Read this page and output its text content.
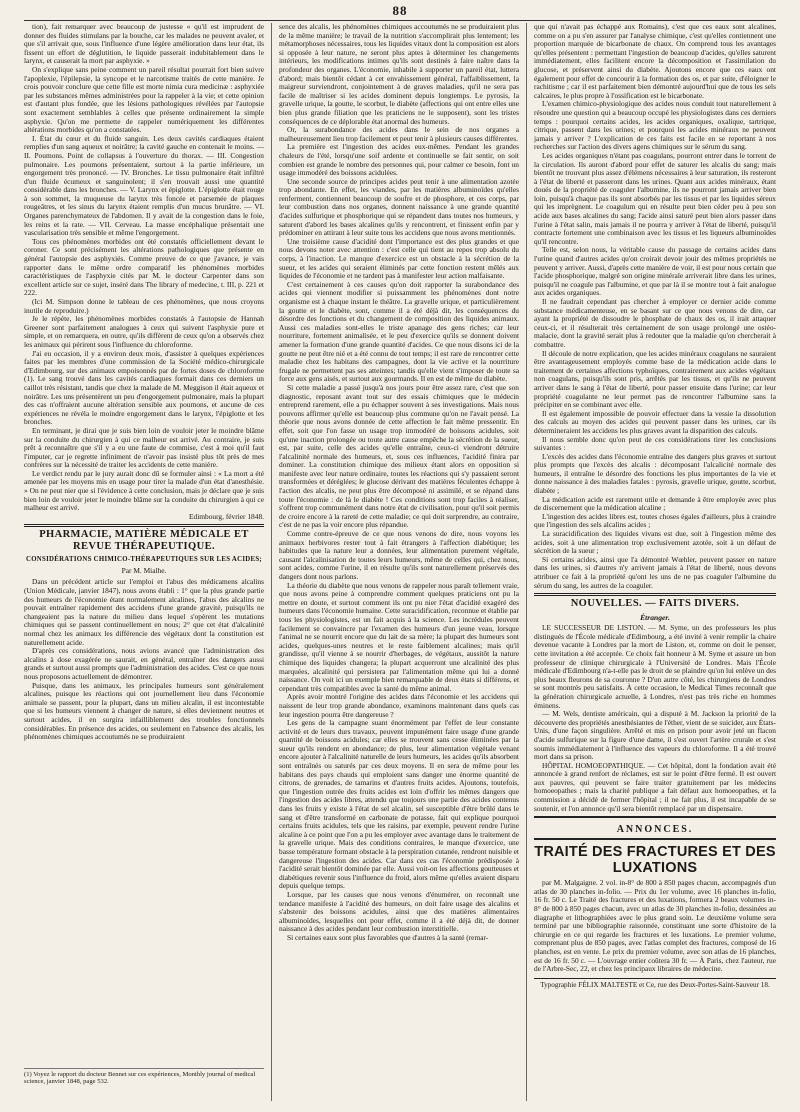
88

tion), fait remarquer avec beaucoup de justesse « qu'il est imprudent de donner des fluides stimulans par la bouche, car les malades ne peuvent avaler, et que s'il arrivait que, sous l'influence d'une légère amélioration dans leur état, ils fissent un effort de déglutition, le liquide passerait indubitablement dans le larynx, et causerait la mort par asphyxie. »

On s'explique sans peine comment un pareil résultat pourrait fort bien suivre l'apoplexie, l'épilepsie, la syncope et le narcotisme traités de cette manière. Je crois pouvoir conclure que cette fille est morte nimia cura medicinæ : asphyxiée par les substances mêmes administrées pour la rappeler à la vie; et cette opinion est d'autant plus fondée, que les lésions pathologiques révélées par l'autopsie sont exactement semblables à celles que présente ordinairement la simple asphyxie. Qu'on me permette de rappeler numériquement les différentes altérations morbides qu'on a constatées.

I. État du cœur et du fluide sanguin. Les deux cavités cardiaques étaient remplies d'un sang aqueux et noirâtre; la cavité gauche en contenait le moins. — II. Poumons. Point de collapsus à l'ouverture du thorax. — III. Congestion pulmonaire. Les poumons présentaient, surtout à la partie inférieure, un engorgement très prononcé. — IV. Bronches. Le tissu pulmonaire était infiltré d'un fluide écumeux et sanguinolent; il s'en trouvait aussi une quantité considérable dans les bronches. — V. Larynx et épiglotte. L'épiglotte était rouge à son sommet, la muqueuse du larynx très foncée et parsemée de plaques rougeâtres, et les sinus du larynx étaient remplis d'un mucus brunâtre. — VI. Organes parenchymateux de l'abdomen. Il y avait de la congestion dans le foie, les reins et la rate. — VII. Cerveau. La masse encéphalique présentait une vascularisation très sensible et même l'engorgement.

Tous ces phénomènes morbides ont été constatés officiellement devant le coroner. Ce sont précisément les altérations pathologiques que présente en général l'autopsie des asphyxiés. Comme preuve de ce que j'avance, je vais rapporter dans le même ordre comparatif les phénomènes morbides caractéristiques de l'asphyxie cités par M. le docteur Carpenter dans son excellent article sur ce sujet, inséré dans The library of medecine, t. III, p. 221 et 222.

(Ici M. Simpson donne le tableau de ces phénomènes, que nous croyons inutile de reproduire.)

Je le répète, les phénomènes morbides constatés à l'autopsie de Hannah Greener sont parfaitement analogues à ceux qui suivent l'asphyxie pure et simple, et on remarquera, en outre, qu'ils diffèrent de ceux qu'on a observés chez les animaux qui périrent sous l'influence du chloroforme.

J'ai eu occasion, il y a environ deux mois, d'assister à quelques expériences faites par les membres d'une commission de la Société médico-chirurgicale d'Edimbourg, sur des animaux empoisonnés par de fortes doses de chloroforme (1). Le sang trouvé dans les cavités cardiaques formait dans ces derniers un caillot très résistant, tandis que chez la malade de M. Meggison il était aqueux et noirâtre. Les uns présentèrent un peu d'engorgement pulmonaire, mais la plupart des cas n'offraient aucune altération sensible aux poumons, et aucune de ces expériences ne révéla le moindre engorgement dans le larynx, l'épiglotte et les bronches.

En terminant, je dirai que je suis bien loin de vouloir jeter le moindre blâme sur la conduite du chirurgien à qui ce malheur est arrivé. Au contraire, je suis prêt à reconnaître que s'il y a eu une faute de commise, c'est à moi qu'il faut l'imputer, car je regrette infiniment de n'avoir pas insisté plus tôt près de mes confrères sur la nécessité de traiter les accidents de cette manière.

Le verdict rendu par le jury aurait donc dû se formuler ainsi : « La mort a été amenée par les moyens mis en usage pour tirer la malade d'un état d'anesthésie. » On ne peut nier que si l'évidence à cette conclusion, mais je déclare que je suis bien loin de vouloir jeter le moindre blâme sur la conduite du chirurgien à qui ce malheur est arrivé.

Edimbourg, février 1848.

PHARMACIE, MATIÈRE MÉDICALE ET REVUE THÉRAPEUTIQUE.
CONSIDÉRATIONS CHIMICO-THÉRAPEUTIQUES SUR LES ACIDES;
Par M. Mialhe.

Dans un précédent article sur l'emploi et l'abus des médicamens alcalins (Union Médicale, janvier 1847), nous avons établi : 1° que la plus grande partie des humeurs de l'économie étant normalement alcalines, l'abus des alcalins ne pouvait entraîner rapidement des accidens d'une grande gravité, puisqu'ils ne changeaient pas la nature du milieu dans lequel s'opèrent les mutations chimiques qui se passent continuellement en nous; 2° que cet état d'alcalinité normal chez les animaux les différencie des végétaux dont la constitution est naturellement acide.

D'après ces considérations, nous avions avancé que l'administration des alcalins à dose exagérée ne saurait, en général, entraîner des dangers aussi grands et surtout aussi prompts que l'administration des acides. C'est ce que nous nous proposons actuellement de démontrer.

Puisque, dans les animaux, les principales humeurs sont généralement alcalines, puisque les réactions qui ont journellement lieu dans l'économie animale se passent, pour la plupart, dans un milieu alcalin, il est incontestable que si les humeurs viennent à changer de nature, si elles deviennent neutres et surtout acides, il en surgira infailliblement des troubles fonctionnels considérables. En présence des acides, ou seulement en l'absence des alcalis, les phénomènes chimiques accoutumés ne se produiraient

(1) Voyez le rapport du docteur Bennet sur ces expériences, Monthly journal of medical science, janvier 1848, page 532.

sence des alcalis, les phénomènes chimiques accoutumés ne se produiraient plus de la même manière; le travail de la nutrition s'accomplirait plus lentement; les métamorphoses nécessaires, tous les liquides vitaux dont la composition est alors si opposée à leur nature, ne seront plus aptes à déterminer les changements intérieurs, les modifications intimes qu'ils sont destinés à faire naître dans la profondeur des organes. L'économie, inhabile à supporter un pareil état, luttera d'abord; mais bientôt cédant à cet envahissement général, l'affaiblissement, la maigreur surviendront, conjointement à de graves maladies, qu'il ne sera pas facile de maîtriser si les acides dominent depuis longtemps. Le pyrosis, la gravelle urique, la goutte, le scorbut, le diabète (affections qui ont entre elles une bien plus grande filiation que les praticiens ne le supposent), sont les tristes conséquences de ce déplorable état anormal des humeurs.

Or, la surabondance des acides dans le sein de nos organes a malheureusement lieu trop facilement et peut tenir à plusieurs causes différentes.

La première est l'ingestion des acides eux-mêmes. Pendant les grandes chaleurs de l'été, lorsqu'une soif ardente et continuelle se fait sentir, on soit combien est grande le nombre des personnes qui, pour calmer ce besoin, font un usage immodéré des boissons acidulées.

Une seconde source de principes acides peut tenir à une alimentation azotée trop abondante. En effet, les viandes, par les matières albuminoïdes qu'elles renferment, contiennent beaucoup de soufre et de phosphore, et ces corps, par leur combustion dans nos organes, donnent naissance à une grande quantité d'acides sulfurique et phosphorique qui se répandent dans toutes nos humeurs, y saturent d'abord les bases alcalines qu'ils y rencontrent, et finissent enfin par y prédominer en attirant à leur suite tous les accidens que nous avons mentionnés.

Une troisième cause d'acidité dont l'importance est des plus grandes et que nous devons noter avec attention : c'est celle qui tient au repos trop absolu du corps, à l'inaction. Le manque d'exercice est un obstacle à la sécrétion de la sueur, et les acides qui seraient éliminés par cette fonction restent mêlés aux liquides de l'économie et ne tardent pas à manifester leur action malfaisante.

C'est certainement à ces causes qu'on doit rapporter la surabondance des acides qui viennent modifier si puissamment les phénomènes dont notre organisme est à chaque instant le théâtre. La gravelle urique, et particulièrement la goutte et le diabète, sont, comme il a été déjà dit, les conséquences du désordre des fonctions et du changement de composition des liquides animaux. Aussi ces maladies sont-elles le triste apanage des gens riches; car leur nourriture, fortement animalisée, et le peu d'exercice qu'ils se donnent doivent amener la formation d'une grande quantité d'acides. Ce que nous disons ici de la goutte ne peut être nié et a été connu de tout temps; il est rare de rencontrer cette maladie chez les habitans des campagnes, dont la vie active et la nourriture frugale ne permettent pas ses atteintes; tandis qu'elle vient s'imposer de toute sa force aux gens aisés, et surtout aux gourmands. Il en est de même du diabète.

Si cette maladie a passé jusqu'à nos jours pour être assez rare, c'est que son diagnostic, reposant avant tout sur des essais chimiques que le médecin entreprend rarement, elle a pu échapper souvent à ses investigations. Mais nous pouvons affirmer qu'elle est beaucoup plus commune qu'on ne l'avait pensé. La théorie que nous avons donnée de cette affection le fait même pressentir. En effet, soit que l'on fasse un usage trop immodéré de boissons acidules, soit qu'une inaction prolongée ou toute autre cause empêche la sécrétion de la sueur, est, par suite, celle des acides qu'elle entraîne, ceux-ci viendront détruire l'alcalinité normale des humeurs, et, sous ces influences, l'acidité finira par dominer. La constitution chimique des milieux étant alors en opposition si manifeste avec leur nature ordinaire, toutes les réactions qui s'y passaient seront transformées et déréglées; le glucose dérivant des matières féculentes échappe à l'action des alcalis, ne peut plus être décomposé ni assimilé, et se répand dans toute l'économie : de là le diabète ! Ces conditions sont trop faciles à réaliser, s'offrent trop communément dans notre état de civilisation, pour qu'il soit permis de croire encore à la rareté de cette maladie; ce qui doit surprendre, au contraire, c'est de ne pas la voir encore plus répandue.

Comme contre-épreuve de ce que nous venons de dire, nous voyons les animaux herbivores rester tout à fait étrangers à l'affection diabétique; les habitudes que la nature leur a données, leur alimentation purement végétale, causant l'alcalinisation de toutes leurs humeurs, même de celles qui, chez nous, sont acides, comme l'urine, il en résulte qu'ils sont naturellement préservés des dangers dont nous parlons.

La théorie du diabète que nous venons de rappeler nous paraît tellement vraie, que nous avons peine à comprendre comment quelques praticiens ont pu la mettre en doute, et surtout comment ils ont pu nier l'état d'acidité exagéré des humeurs dans l'économie humaine. Cette suracidification, reconnue et établie par tous les physiologistes, est un fait acquis à la science. Les incrédules peuvent facilement se convaincre par l'examen des humeurs d'un jeune veau, lorsque l'animal ne se nourrit encore que du lait de sa mère; la plupart des humeurs sont acides, quelques-unes neutres et le reste faiblement alcalines; mais qu'il grandisse, qu'il vienne à se nourrir d'herbages, de végétaux, aussitôt la nature chimique des liquides changera; la plupart acquerront une alcalinité des plus marquées, alcalinité qui persistera par l'alimentation même qui lui a donné naissance. On voit ici un exemple bien remarquable de deux états si différens, et cependant très compatibles avec la santé du même animal.

Après avoir montré l'origine des acides dans l'économie et les accidens qui naissent de leur trop grande abondance, examinons maintenant dans quels cas leur ingestion pourra être dangereuse ?

Les gens de la campagne suant énormément par l'effet de leur constante activité et de leurs durs travaux, peuvent impunément faire usage d'une grande quantité de boissons acidules; car elles se trouvent sans cesse éliminées par la sueur qu'ils rendent en abondance; de plus, leur alimentation végétale venant encore ajouter à l'alcalinité naturelle de leurs humeurs, les acides qu'ils absorbent sont entraînés ou saturés par ces deux moyens. Il en sera de même pour les habitans des pays chauds qui emploient sans danger une énorme quantité de citrons, de grenades, de tamarins et d'autres fruits acides. Ajoutons, toutefois, que l'ingestion outrée des fruits acides est loin d'offrir les mêmes dangers que l'ingestion des acides libres, attendu que toujours une partie des acides contenus dans les fruits y existe à l'état de sel alcalin, sel susceptible d'être brûlé dans le sang et d'être transformé en carbonate de potasse, fait qui explique pourquoi certains fruits acidules, tels que les raisins, par exemple, peuvent rendre l'urine alcaline à ce point que l'on a pu les employer avec avantage dans le traitement de la gravelle urique. Mais des conditions contraires, le manque d'exercice, une basse température formant obstacle à la perspiration cutanée, rendront nuisible et dangereuse l'ingestion des acides. Car dans ces cas l'économie prédisposée à l'acidité serait bientôt dominée par elle. Aussi voit-on les affections goutteuses et diabétiques revenir sous l'influence du froid, alors même qu'elles avaient disparu depuis quelque temps.

Lorsque, par les causes que nous venons d'énumérer, on reconnaît une tendance manifeste à l'acidité des humeurs, on doit faire usage des alcalins et s'abstenir des boissons acidules, ainsi que des matières alimentaires albuminoïdes, lesquelles ont pour effet, comme il a été déjà dit, de donner naissance à des acides pendant leur combustion interstitielle.

Si certaines eaux sont plus favorables que d'autres à la santé (remar-

que qui n'avait pas échappé aux Romains), c'est que ces eaux sont alcalines, comme on a pu s'en assurer par l'analyse chimique, c'est qu'elles contiennent une proportion marquée de bicarbonate de chaux. On comprend tous les avantages qu'elles présentent : permettant l'ingestion de beaucoup d'acides, qu'elles saturent immédiatement, elles facilitent encore la décomposition et l'assimilation du glucose, et préservent ainsi du diabète. Ajoutons encore que ces eaux ont également pour effet de concourir à la formation des os, et par suite, d'éloigner le rachitisme ; car il est parfaitement bien démontré aujourd'hui que de tous les sels calcaires, le plus propre à l'ossification est le bicarbonate.

L'examen chimico-physiologique des acides nous conduit tout naturellement à résoudre une question qui a beaucoup occupé les physiologistes dans ces derniers temps : pourquoi certains acides, les acides organiques, oxalique, tartrique, citrique, passent dans les urines; et pourquoi les acides minéraux ne peuvent jamais y arriver ? L'explication de ces faits est facile en se reportant à nos recherches sur l'action des divers agens chimiques sur le sérum du sang.

Les acides organiques n'étant pas coagulans, pourront entrer dans le torrent de la circulation. Ils auront d'abord pour effet de saturer les alcalis du sang; mais bientôt ne trouvant plus assez d'élémens nécessaires à leur saturation, ils resteront à l'état de liberté et passeront dans les urines. Quant aux acides minéraux, étant doués de la propriété de coaguler l'albumine, ils ne pourront jamais arriver bien loin, puisqu'à chaque pas ils sont absorbés par les tissus et par les liquides séreux qui les imprègnent. Le coagulum qui en résulte peut bien céder peu à peu son acide aux bases alcalines du sang; l'acide ainsi saturé peut bien alors passer dans l'urine à l'état salin, mais jamais il ne pourra y arriver à l'état de liberté, puisqu'il contracte fortement une combinaison avec les tissus et les liqueurs albuminoïdes qu'il rencontre.

Telle est, selon nous, la véritable cause du passage de certains acides dans l'urine quand d'autres acides qu'on croirait devoir jouir des mêmes propriétés ne peuvent y arriver. Aussi, d'après cette manière de voir, il est pour nous certain que l'acide phosphorique, malgré son origine minérale arriverait libre dans les urines, puisqu'il ne coagule pas l'albumine, et que par là il se montre tout à fait analogue aux acides organiques.

Il ne faudrait cependant pas chercher à employer ce dernier acide comme substance médicamenteuse, en se basant sur ce que nous venons de dire, car ayant la propriété de dissoudre le phosphate de chaux des os, il irait attaquer ceux-ci, et il résulterait très certainement de son usage prolongé une ostéo-malacie, dont la gravité serait plus à redouter que la maladie qu'on chercherait à combattre.

Il découle de notre explication, que les acides minéraux coagulans ne sauraient être avantageusement employés comme base de la médication acide dans le traitement de certaines affections typhoïques, contrairement aux acides végétaux non coagulans, puisqu'ils sont pris, arrêtés par les tissus, et qu'ils ne peuvent arriver dans le sang à l'état de liberté, pour passer ensuite dans l'urine; car leur propriété coagulante ne leur permet pas de rencontrer l'albumine sans la précipiter en se combinant avec elle.

Il est également impossible de pouvoir effectuer dans la vessie la dissolution des calculs au moyen des acides qui peuvent passer dans les urines, car ils détermineraient les accidens les plus graves avant la disparition des calculs.

Il nous semble donc qu'on peut de ces considérations tirer les conclusions suivantes :

L'excès des acides dans l'économie entraîne des dangers plus graves et surtout plus prompts que l'excès des alcalis : décomposant l'alcalicité normale des humeurs, il entraîne le désordre des fonctions les plus importantes de la vie et donne naissance à des maladies fatales : pyrosis, gravelle urique, goutte, scorbut, diabète ;

La médication acide est rarement utile et demande à être employée avec plus de discernement que la médication alcaline ;

L'ingestion des acides libres est, toutes choses égales d'ailleurs, plus à craindre que l'ingestion des sels alcalins acides ;

La suracidification des liquides vivans est due, soit à l'ingestion même des acides, soit à une alimentation trop exclusivement azotée, soit à un défaut de sécrétion de la sueur ;

Si certains acides, ainsi que l'a démontré Wœhler, peuvent passer en nature dans les urines, si d'autres n'y arrivent jamais à l'état de liberté, nous devons attribuer ce fait à la propriété qu'ont les uns de ne pas coaguler l'albumine du sérum du sang, les autres de la coaguler.

NOUVELLES. — FAITS DIVERS.
Étranger.

LE SUCCESSEUR DE LISTON. — M. Syme, un des professeurs les plus distingués de l'École médicale d'Edimbourg, a été invité à venir remplir la chaire devenue vacante à Londres par la mort de Liston, et, comme on doit le penser, cette invitation a été acceptée. Ce choix fait honneur à M. Syme et assure un bon professeur de clinique chirurgicale à l'Université de Londres. Mais l'École médicale d'Edimbourg n'a-t-elle pas le droit de se plaindre qu'on lui enlève un des plus beaux fleurons de sa couronne ? D'un autre côté, les chirurgiens de Londres se sont montrés peu satisfaits. À cette occasion, le Medical Times reconnaît que la génération chirurgicale actuelle, à Londres, n'est pas très riche en hommes éminens.

— M. Wels, dentiste américain, qui a disputé à M. Jackson la priorité de la découverte des propriétés anesthésiantes de l'éther, vient de se suicider, aux États-Unis, d'une façon singulière. Arrêté et mis en prison pour avoir jeté un flacon d'acide sulfurique sur la figure d'une dame, il s'est ouvert l'artère crurale et s'est soumis immédiatement à l'influence des vapeurs du chloroforme. Il a été trouvé mort dans sa prison.

HÔPITAL HOMOEOPATHIQUE. — Cet hôpital, dont la fondation avait été annoncée à grand renfort de réclames, est sur le point d'être fermé. Il est ouvert aux pauvres, qui peuvent se faire traiter gratuitement par les médecins homoeopathes ; mais la charité publique a fait défaut aux homoeopathes, et la commission a décidé de fermer l'hôpital ; il ne fait plus, il est incapable de se soutenir, et l'on annonce qu'il sera bientôt remplacé par un dispensaire.

ANNONCES.
TRAITÉ DES FRACTURES ET DES LUXATIONS

par M. Malgaigne. 2 vol. in-8° de 800 à 850 pages chacun, accompagnés d'un atlas de 30 planches in-folio. — Prix du 1er volume, avec 16 planches in-folio, 16 fr. 50 c. Le Traité des fractures et des luxations, formera 2 beaux volumes in-8° de 800 à 850 pages chacun, avec un atlas de 30 planches in-folio, dessinées au diagraphe et lithographiées avec le plus grand soin. Le deuxième volume sera terminé par une bibliographie raisonnée, constituant une sorte d'histoire de la chirurgie en ce qui regarde les fractures et les luxations. Le premier volume, comprenant plus de 850 pages, avec l'atlas complet des fractures, composé de 16 planches, est en vente. Le prix du premier volume, avec son atlas de 16 planches, est de 16 fr. 50 c. — L'ouvrage entier coûtera 30 fr. — À Paris, chez l'auteur, rue de l'Arbre-Sec, 22, et chez les principaux libraires de médecine.

Typographie FÉLIX MALTESTE et Ce, rue des Deux-Portes-Saint-Sauveur 18.
